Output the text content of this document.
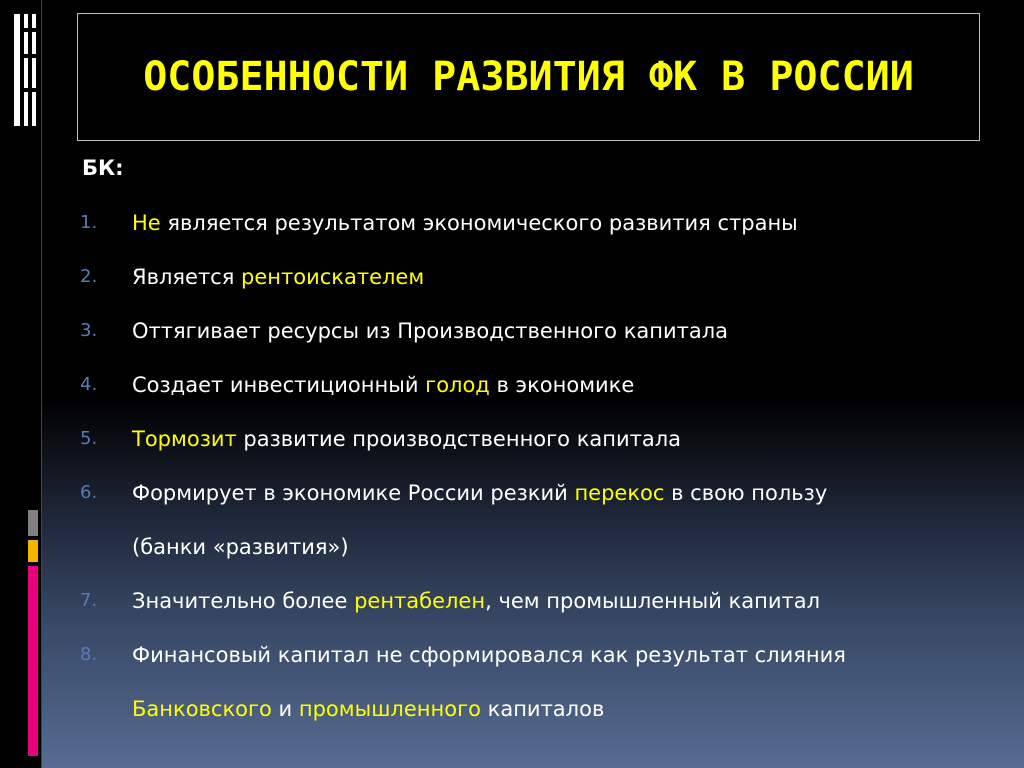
ОСОБЕННОСТИ РАЗВИТИЯ ФК В РОССИИ
БК:
1.	Не является результатом экономического развития страны
2.	Является рентоискателем
3.	Оттягивает ресурсы из Производственного капитала
4.	Создает инвестиционный голод в экономике
5.	Тормозит развитие производственного капитала
6.	Формирует в экономике России резкий перекос в свою пользу
(банки «развития»)
7.	Значительно более рентабелен, чем промышленный капитал
8.	Финансовый капитал не сформировался как результат слияния
Банковского и промышленного капиталов
